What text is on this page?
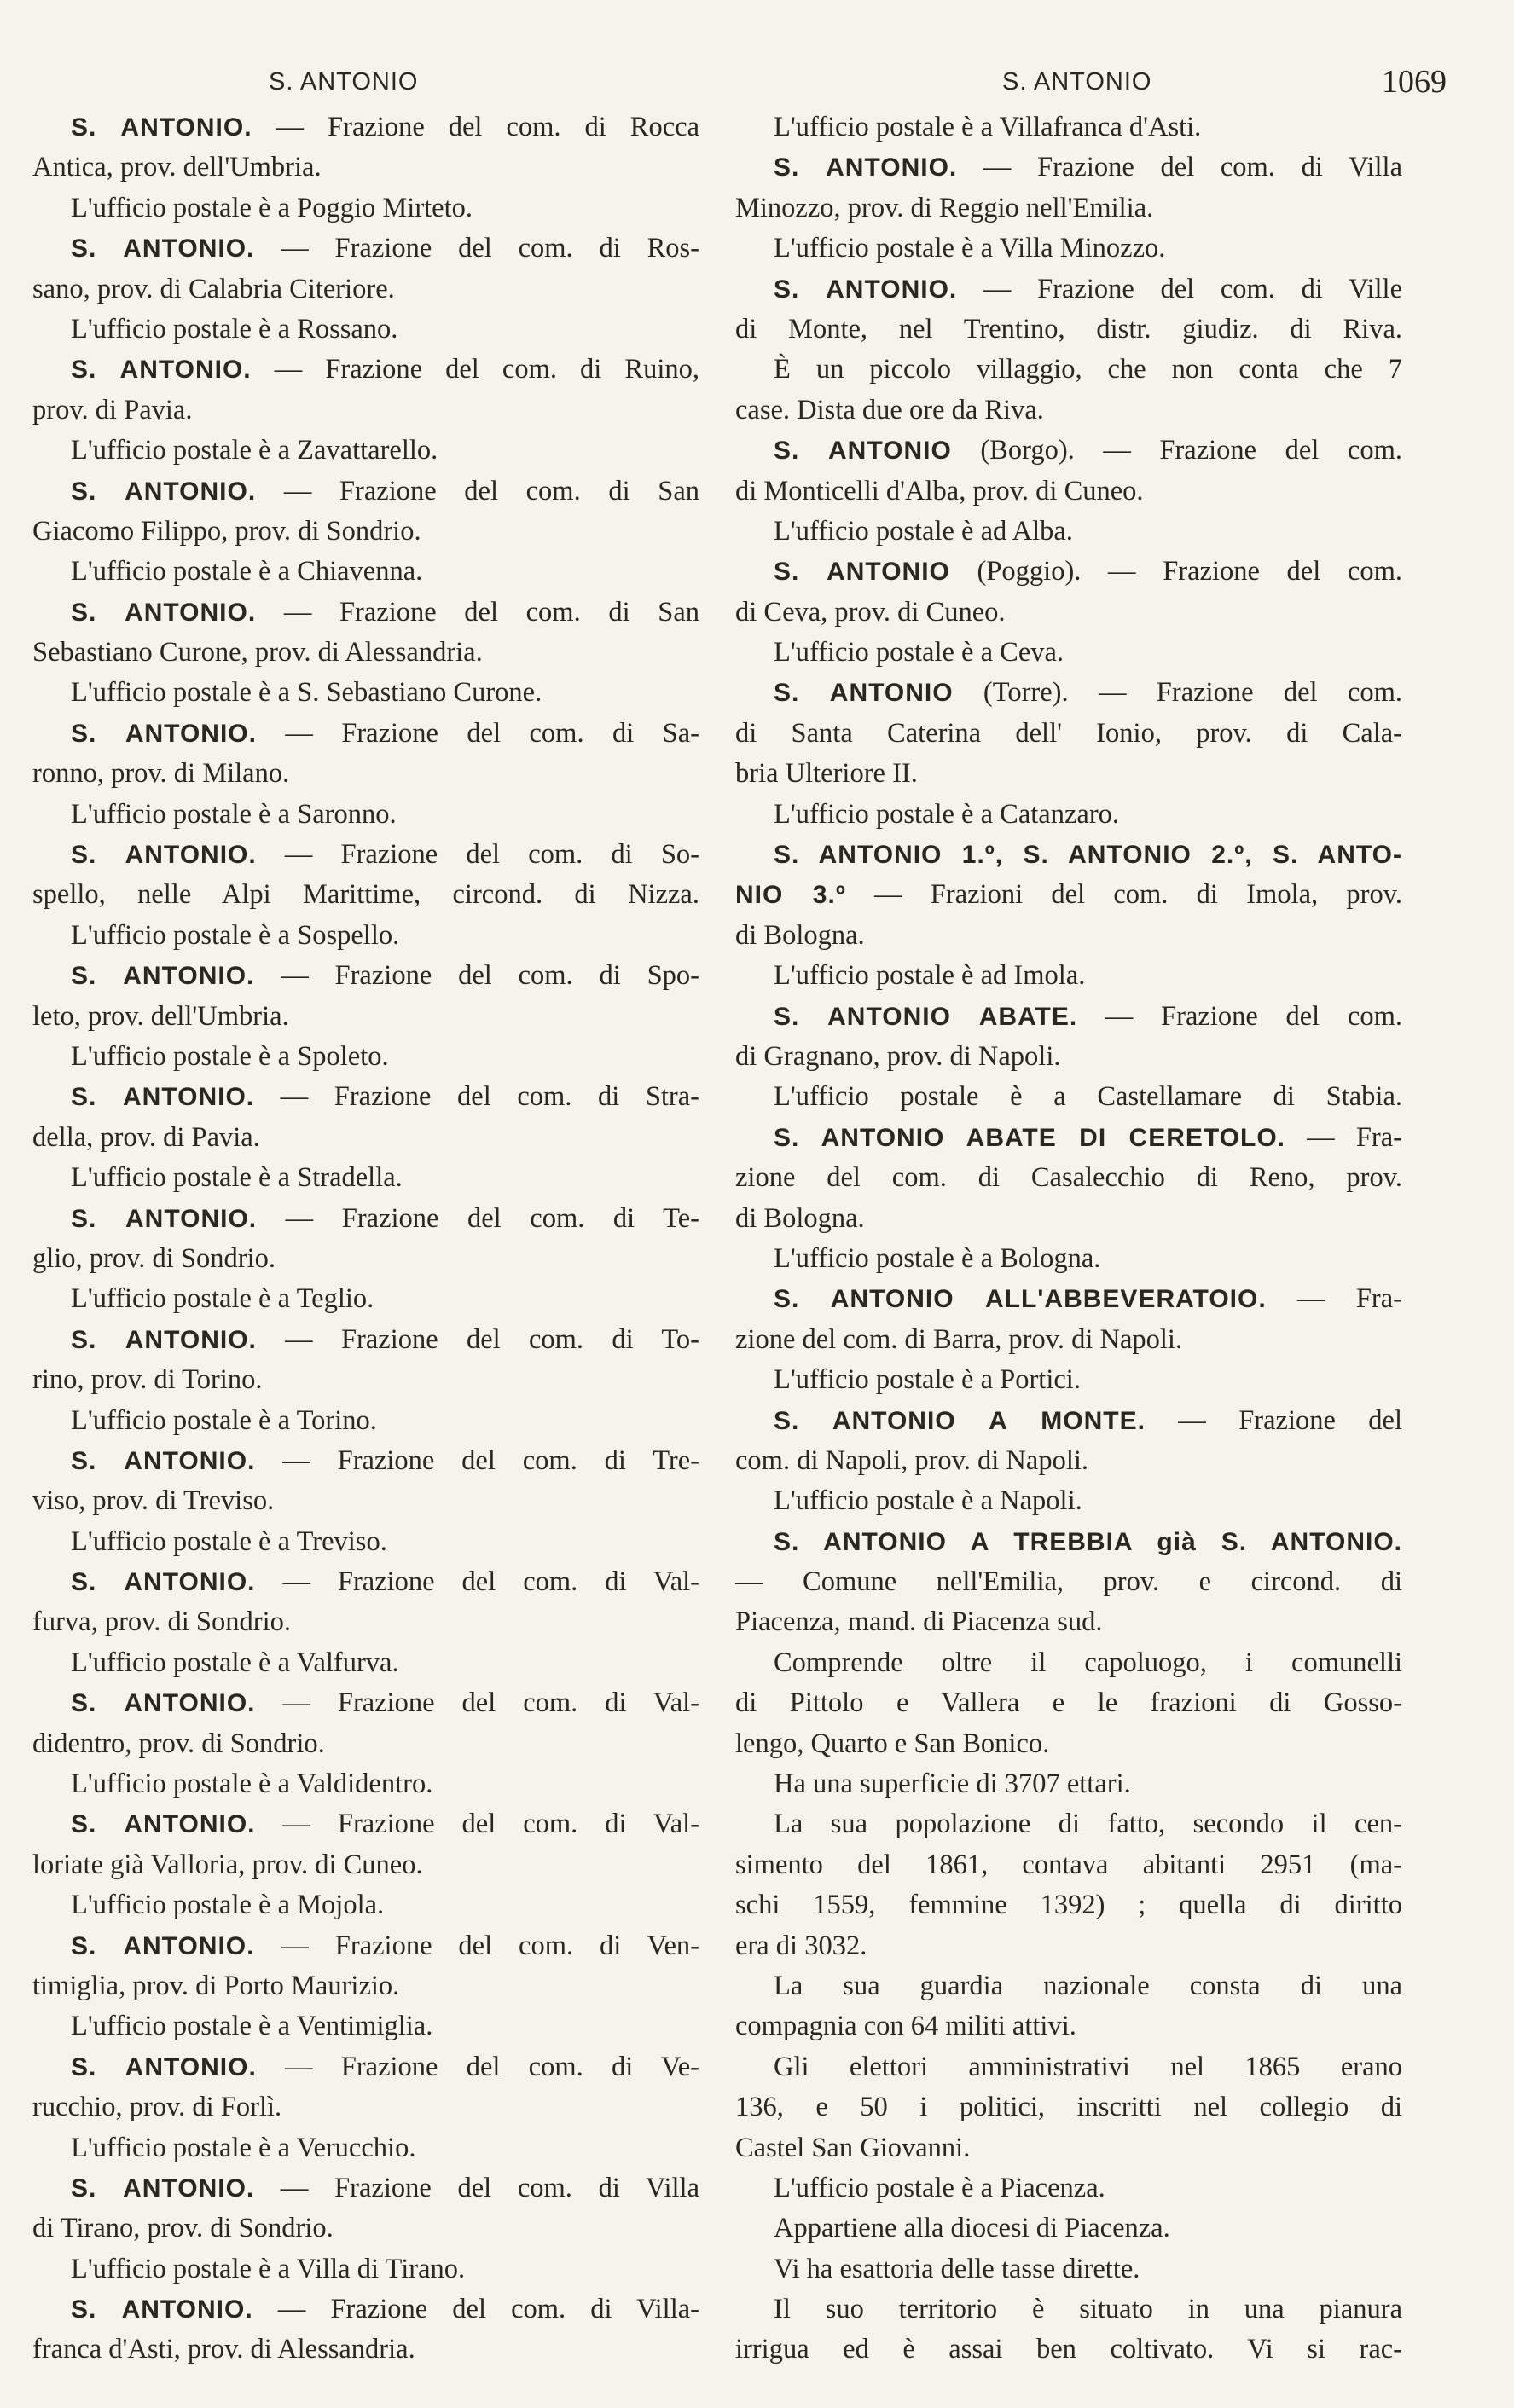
S. ANTONIO	S. ANTONIO	1069
S. ANTONIO. — Frazione del com. di Rocca
Antica, prov. dell'Umbria.
L'ufficio postale è a Poggio Mirteto.
S. ANTONIO. — Frazione del com. di Ros-
sano, prov. di Calabria Citeriore.
L'ufficio postale è a Rossano.
S. ANTONIO. — Frazione del com. di Ruino,
prov. di Pavia.
L'ufficio postale è a Zavattarello.
S. ANTONIO. — Frazione del com. di San
Giacomo Filippo, prov. di Sondrio.
L'ufficio postale è a Chiavenna.
S. ANTONIO. — Frazione del com. di San
Sebastiano Curone, prov. di Alessandria.
L'ufficio postale è a S. Sebastiano Curone.
S. ANTONIO. — Frazione del com. di Sa-
ronno, prov. di Milano.
L'ufficio postale è a Saronno.
S. ANTONIO. — Frazione del com. di So-
spello, nelle Alpi Marittime, circond. di Nizza.
L'ufficio postale è a Sospello.
S. ANTONIO. — Frazione del com. di Spo-
leto, prov. dell'Umbria.
L'ufficio postale è a Spoleto.
S. ANTONIO. — Frazione del com. di Stra-
della, prov. di Pavia.
L'ufficio postale è a Stradella.
S. ANTONIO. — Frazione del com. di Te-
glio, prov. di Sondrio.
L'ufficio postale è a Teglio.
S. ANTONIO. — Frazione del com. di To-
rino, prov. di Torino.
L'ufficio postale è a Torino.
S. ANTONIO. — Frazione del com. di Tre-
viso, prov. di Treviso.
L'ufficio postale è a Treviso.
S. ANTONIO. — Frazione del com. di Val-
furva, prov. di Sondrio.
L'ufficio postale è a Valfurva.
S. ANTONIO. — Frazione del com. di Val-
didentro, prov. di Sondrio.
L'ufficio postale è a Valdidentro.
S. ANTONIO. — Frazione del com. di Val-
loriate già Valloria, prov. di Cuneo.
L'ufficio postale è a Mojola.
S. ANTONIO. — Frazione del com. di Ven-
timiglia, prov. di Porto Maurizio.
L'ufficio postale è a Ventimiglia.
S. ANTONIO. — Frazione del com. di Ve-
rucchio, prov. di Forlì.
L'ufficio postale è a Verucchio.
S. ANTONIO. — Frazione del com. di Villa
di Tirano, prov. di Sondrio.
L'ufficio postale è a Villa di Tirano.
S. ANTONIO. — Frazione del com. di Villa-
franca d'Asti, prov. di Alessandria.
L'ufficio postale è a Villafranca d'Asti.
S. ANTONIO. — Frazione del com. di Villa
Minozzo, prov. di Reggio nell'Emilia.
L'ufficio postale è a Villa Minozzo.
S. ANTONIO. — Frazione del com. di Ville
di Monte, nel Trentino, distr. giudiz. di Riva.
È un piccolo villaggio, che non conta che 7
case. Dista due ore da Riva.
S. ANTONIO (Borgo). — Frazione del com.
di Monticelli d'Alba, prov. di Cuneo.
L'ufficio postale è ad Alba.
S. ANTONIO (Poggio). — Frazione del com.
di Ceva, prov. di Cuneo.
L'ufficio postale è a Ceva.
S. ANTONIO (Torre). — Frazione del com.
di Santa Caterina dell' Ionio, prov. di Cala-
bria Ulteriore II.
L'ufficio postale è a Catanzaro.
S. ANTONIO 1.º, S. ANTONIO 2.º, S. ANTO-
NIO 3.º — Frazioni del com. di Imola, prov.
di Bologna.
L'ufficio postale è ad Imola.
S. ANTONIO ABATE. — Frazione del com.
di Gragnano, prov. di Napoli.
L'ufficio postale è a Castellamare di Stabia.
S. ANTONIO ABATE DI CERETOLO. — Fra-
zione del com. di Casalecchio di Reno, prov.
di Bologna.
L'ufficio postale è a Bologna.
S. ANTONIO ALL'ABBEVERATOIO. — Fra-
zione del com. di Barra, prov. di Napoli.
L'ufficio postale è a Portici.
S. ANTONIO A MONTE. — Frazione del
com. di Napoli, prov. di Napoli.
L'ufficio postale è a Napoli.
S. ANTONIO A TREBBIA già S. ANTONIO.
— Comune nell'Emilia, prov. e circond. di
Piacenza, mand. di Piacenza sud.
Comprende oltre il capoluogo, i comunelli
di Pittolo e Vallera e le frazioni di Gosso-
lengo, Quarto e San Bonico.
Ha una superficie di 3707 ettari.
La sua popolazione di fatto, secondo il cen-
simento del 1861, contava abitanti 2951 (ma-
schi 1559, femmine 1392) ; quella di diritto
era di 3032.
La sua guardia nazionale consta di una
compagnia con 64 militi attivi.
Gli elettori amministrativi nel 1865 erano
136, e 50 i politici, inscritti nel collegio di
Castel San Giovanni.
L'ufficio postale è a Piacenza.
Appartiene alla diocesi di Piacenza.
Vi ha esattoria delle tasse dirette.
Il suo territorio è situato in una pianura
irrigua ed è assai ben coltivato. Vi si rac-
